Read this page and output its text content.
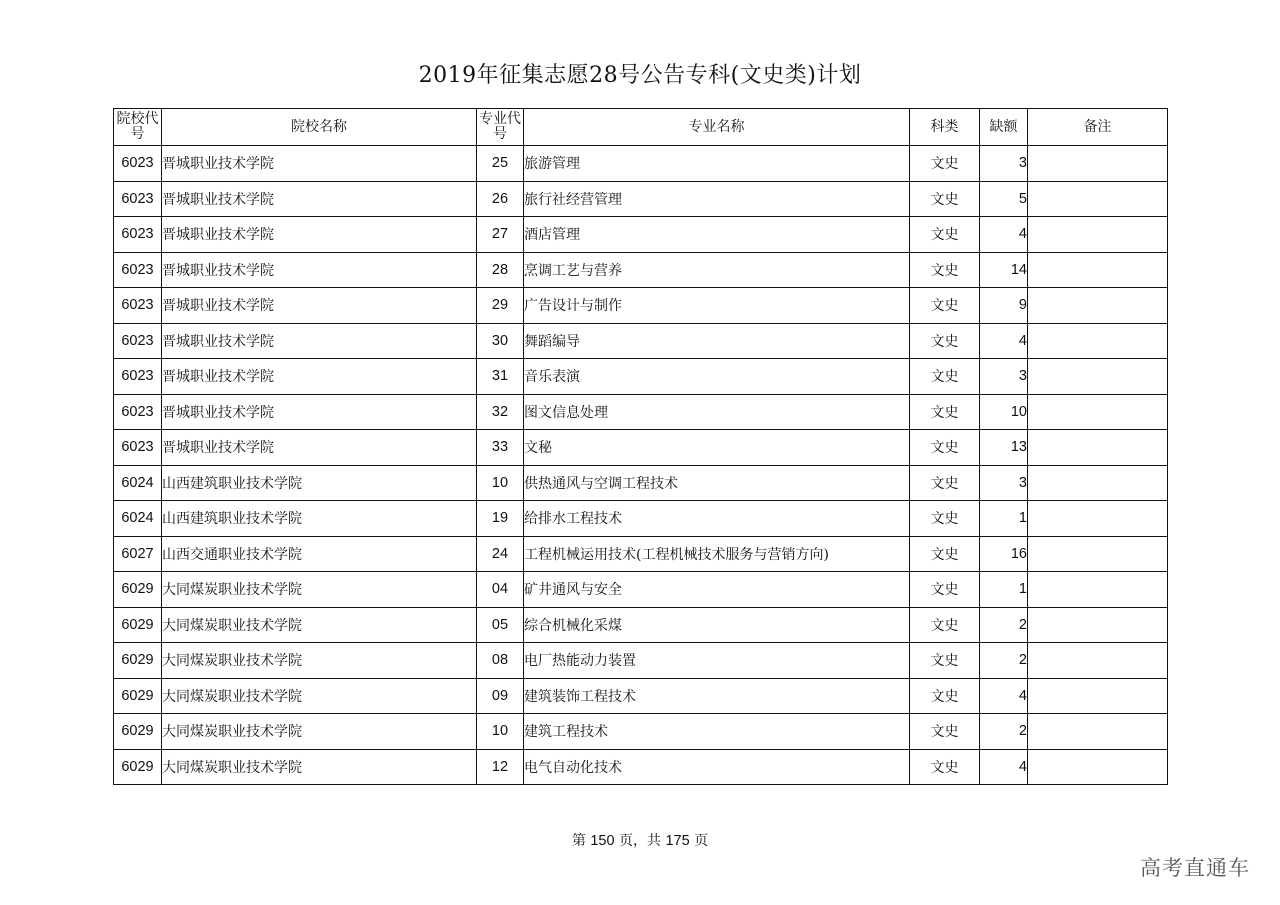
2019年征集志愿28号公告专科(文史类)计划
院校代号	院校名称	专业代号	专业名称	科类	缺额	备注
6023	晋城职业技术学院	25	旅游管理	文史	3	
6023	晋城职业技术学院	26	旅行社经营管理	文史	5	
6023	晋城职业技术学院	27	酒店管理	文史	4	
6023	晋城职业技术学院	28	烹调工艺与营养	文史	14	
6023	晋城职业技术学院	29	广告设计与制作	文史	9	
6023	晋城职业技术学院	30	舞蹈编导	文史	4	
6023	晋城职业技术学院	31	音乐表演	文史	3	
6023	晋城职业技术学院	32	图文信息处理	文史	10	
6023	晋城职业技术学院	33	文秘	文史	13	
6024	山西建筑职业技术学院	10	供热通风与空调工程技术	文史	3	
6024	山西建筑职业技术学院	19	给排水工程技术	文史	1	
6027	山西交通职业技术学院	24	工程机械运用技术(工程机械技术服务与营销方向)	文史	16	
6029	大同煤炭职业技术学院	04	矿井通风与安全	文史	1	
6029	大同煤炭职业技术学院	05	综合机械化采煤	文史	2	
6029	大同煤炭职业技术学院	08	电厂热能动力装置	文史	2	
6029	大同煤炭职业技术学院	09	建筑装饰工程技术	文史	4	
6029	大同煤炭职业技术学院	10	建筑工程技术	文史	2	
6029	大同煤炭职业技术学院	12	电气自动化技术	文史	4	
第 150 页，共 175 页
高考直通车
